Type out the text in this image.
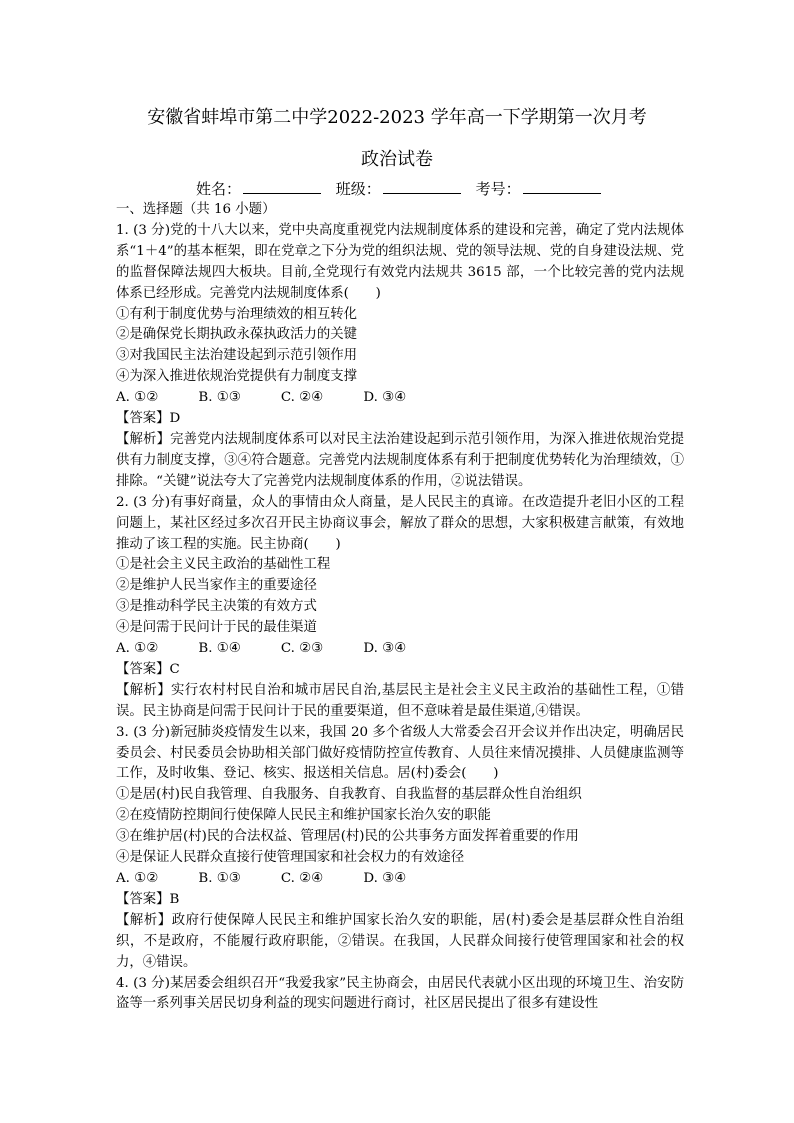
安徽省蚌埠市第二中学2022-2023 学年高一下学期第一次月考
政治试卷
姓名：	班级：	考号：

一、选择题（共 16 小题）

1. (3 分)党的十八大以来，党中央高度重视党内法规制度体系的建设和完善，确定了党内法规体系“1＋4”的基本框架，即在党章之下分为党的组织法规、党的领导法规、党的自身建设法规、党的监督保障法规四大板块。目前,全党现行有效党内法规共 3615 部，一个比较完善的党内法规体系已经形成。完善党内法规制度体系(　　)

①有利于制度优势与治理绩效的相互转化

②是确保党长期执政永葆执政活力的关键

③对我国民主法治建设起到示范引领作用

④为深入推进依规治党提供有力制度支撑

A. ①②　　　B. ①③　　　C. ②④　　　D. ③④

【答案】D

【解析】完善党内法规制度体系可以对民主法治建设起到示范引领作用，为深入推进依规治党提供有力制度支撑，③④符合题意。完善党内法规制度体系有利于把制度优势转化为治理绩效，①排除。“关键”说法夸大了完善党内法规制度体系的作用，②说法错误。

2. (3 分)有事好商量，众人的事情由众人商量，是人民民主的真谛。在改造提升老旧小区的工程问题上，某社区经过多次召开民主协商议事会，解放了群众的思想，大家积极建言献策，有效地推动了该工程的实施。民主协商(　　)

①是社会主义民主政治的基础性工程

②是维护人民当家作主的重要途径

③是推动科学民主决策的有效方式

④是问需于民问计于民的最佳渠道

A. ①②　　　B. ①④　　　C. ②③　　　D. ③④

【答案】C

【解析】实行农村村民自治和城市居民自治,基层民主是社会主义民主政治的基础性工程，①错误。民主协商是问需于民问计于民的重要渠道，但不意味着是最佳渠道,④错误。

3. (3 分)新冠肺炎疫情发生以来，我国 20 多个省级人大常委会召开会议并作出决定，明确居民委员会、村民委员会协助相关部门做好疫情防控宣传教育、人员往来情况摸排、人员健康监测等工作，及时收集、登记、核实、报送相关信息。居(村)委会(　　)

①是居(村)民自我管理、自我服务、自我教育、自我监督的基层群众性自治组织

②在疫情防控期间行使保障人民民主和维护国家长治久安的职能

③在维护居(村)民的合法权益、管理居(村)民的公共事务方面发挥着重要的作用

④是保证人民群众直接行使管理国家和社会权力的有效途径

A. ①②　　　B. ①③　　　C. ②④　　　D. ③④

【答案】B

【解析】政府行使保障人民民主和维护国家长治久安的职能，居(村)委会是基层群众性自治组织，不是政府，不能履行政府职能，②错误。在我国，人民群众间接行使管理国家和社会的权力，④错误。

4. (3 分)某居委会组织召开“我爱我家”民主协商会，由居民代表就小区出现的环境卫生、治安防盗等一系列事关居民切身利益的现实问题进行商讨，社区居民提出了很多有建设性
